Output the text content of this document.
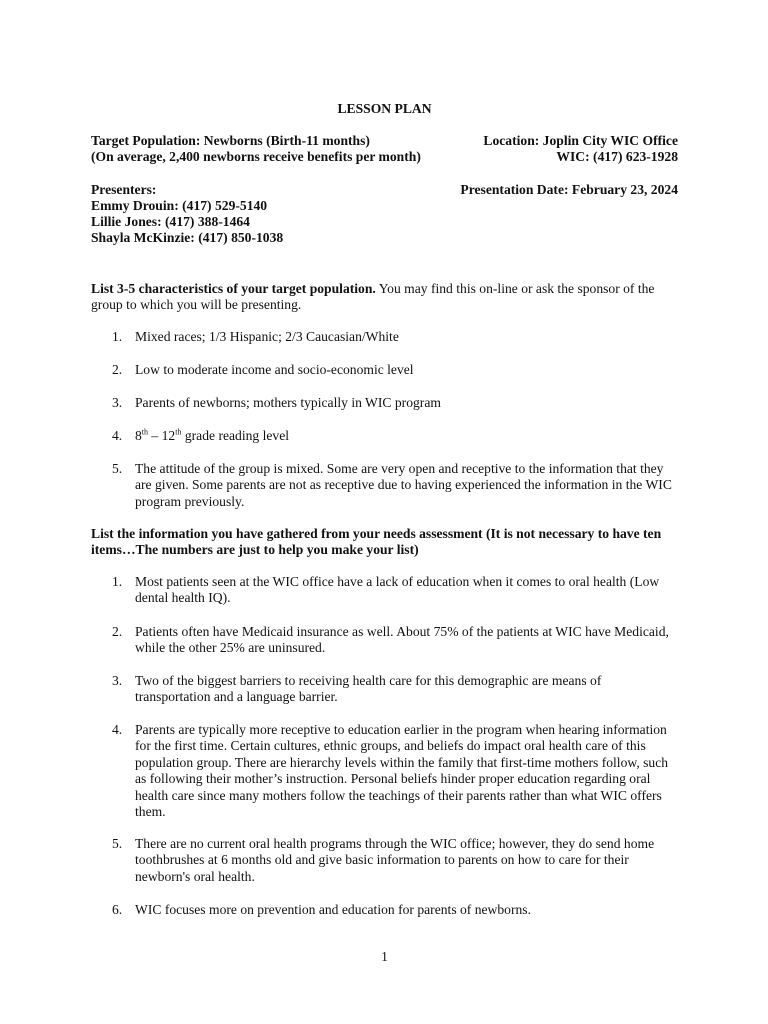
LESSON PLAN
Target Population: Newborns (Birth-11 months)	Location: Joplin City WIC Office
(On average, 2,400 newborns receive benefits per month)	WIC: (417) 623-1928
Presenters:	Presentation Date: February 23, 2024
Emmy Drouin: (417) 529-5140
Lillie Jones: (417) 388-1464
Shayla McKinzie: (417) 850-1038
List 3-5 characteristics of your target population. You may find this on-line or ask the sponsor of the group to which you will be presenting.
1. Mixed races; 1/3 Hispanic; 2/3 Caucasian/White
2. Low to moderate income and socio-economic level
3. Parents of newborns; mothers typically in WIC program
4. 8th – 12th grade reading level
5. The attitude of the group is mixed. Some are very open and receptive to the information that they are given. Some parents are not as receptive due to having experienced the information in the WIC program previously.
List the information you have gathered from your needs assessment (It is not necessary to have ten items…The numbers are just to help you make your list)
1. Most patients seen at the WIC office have a lack of education when it comes to oral health (Low dental health IQ).
2. Patients often have Medicaid insurance as well. About 75% of the patients at WIC have Medicaid, while the other 25% are uninsured.
3. Two of the biggest barriers to receiving health care for this demographic are means of transportation and a language barrier.
4. Parents are typically more receptive to education earlier in the program when hearing information for the first time. Certain cultures, ethnic groups, and beliefs do impact oral health care of this population group. There are hierarchy levels within the family that first-time mothers follow, such as following their mother’s instruction. Personal beliefs hinder proper education regarding oral health care since many mothers follow the teachings of their parents rather than what WIC offers them.
5. There are no current oral health programs through the WIC office; however, they do send home toothbrushes at 6 months old and give basic information to parents on how to care for their newborn's oral health.
6. WIC focuses more on prevention and education for parents of newborns.
1
